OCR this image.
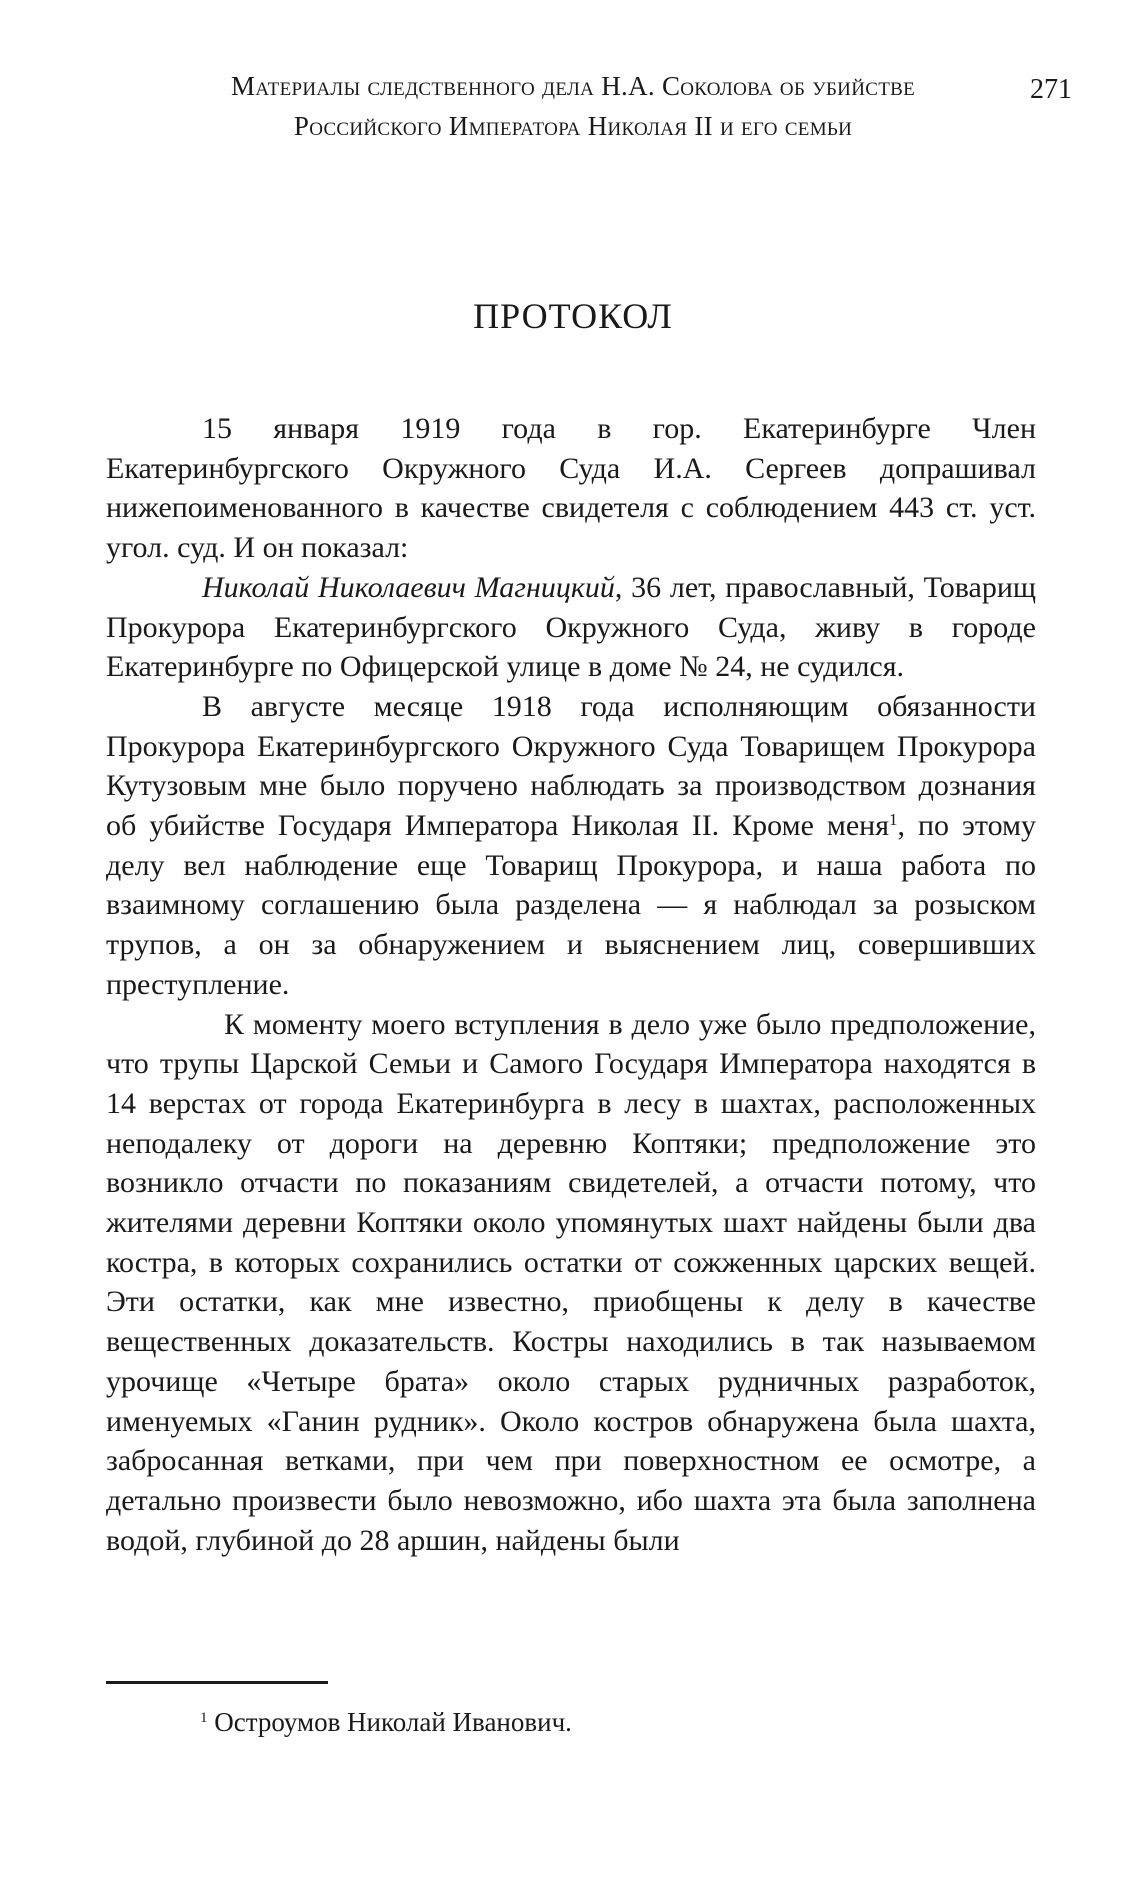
Материалы следственного дела Н.А. Соколова об убийстве
Российского Императора Николая II и его семьи
271
ПРОТОКОЛ

15 января 1919 года в гор. Екатеринбурге Член Екатеринбургского Окружного Суда И.А. Сергеев допрашивал нижепоименованного в качестве свидетеля с соблюдением 443 ст. уст. угол. суд. И он показал:

Николай Николаевич Магницкий, 36 лет, православный, Товарищ Прокурора Екатеринбургского Окружного Суда, живу в городе Екатеринбурге по Офицерской улице в доме № 24, не судился.

В августе месяце 1918 года исполняющим обязанности Прокурора Екатеринбургского Окружного Суда Товарищем Прокурора Кутузовым мне было поручено наблюдать за производством дознания об убийстве Государя Императора Николая II. Кроме меня$^1$, по этому делу вел наблюдение еще Товарищ Прокурора, и наша работа по взаимному соглашению была разделена — я наблюдал за розыском трупов, а он за обнаружением и выяснением лиц, совершивших преступление.

К моменту моего вступления в дело уже было предположение, что трупы Царской Семьи и Самого Государя Императора находятся в 14 верстах от города Екатеринбурга в лесу в шахтах, расположенных неподалеку от дороги на деревню Коптяки; предположение это возникло отчасти по показаниям свидетелей, а отчасти потому, что жителями деревни Коптяки около упомянутых шахт найдены были два костра, в которых сохранились остатки от сожженных царских вещей. Эти остатки, как мне известно, приобщены к делу в качестве вещественных доказательств. Костры находились в так называемом урочище «Четыре брата» около старых рудничных разработок, именуемых «Ганин рудник». Около костров обнаружена была шахта, забросанная ветками, при чем при поверхностном ее осмотре, а детально произвести было невозможно, ибо шахта эта была заполнена водой, глубиной до 28 аршин, найдены были

$^1$ Остроумов Николай Иванович.
